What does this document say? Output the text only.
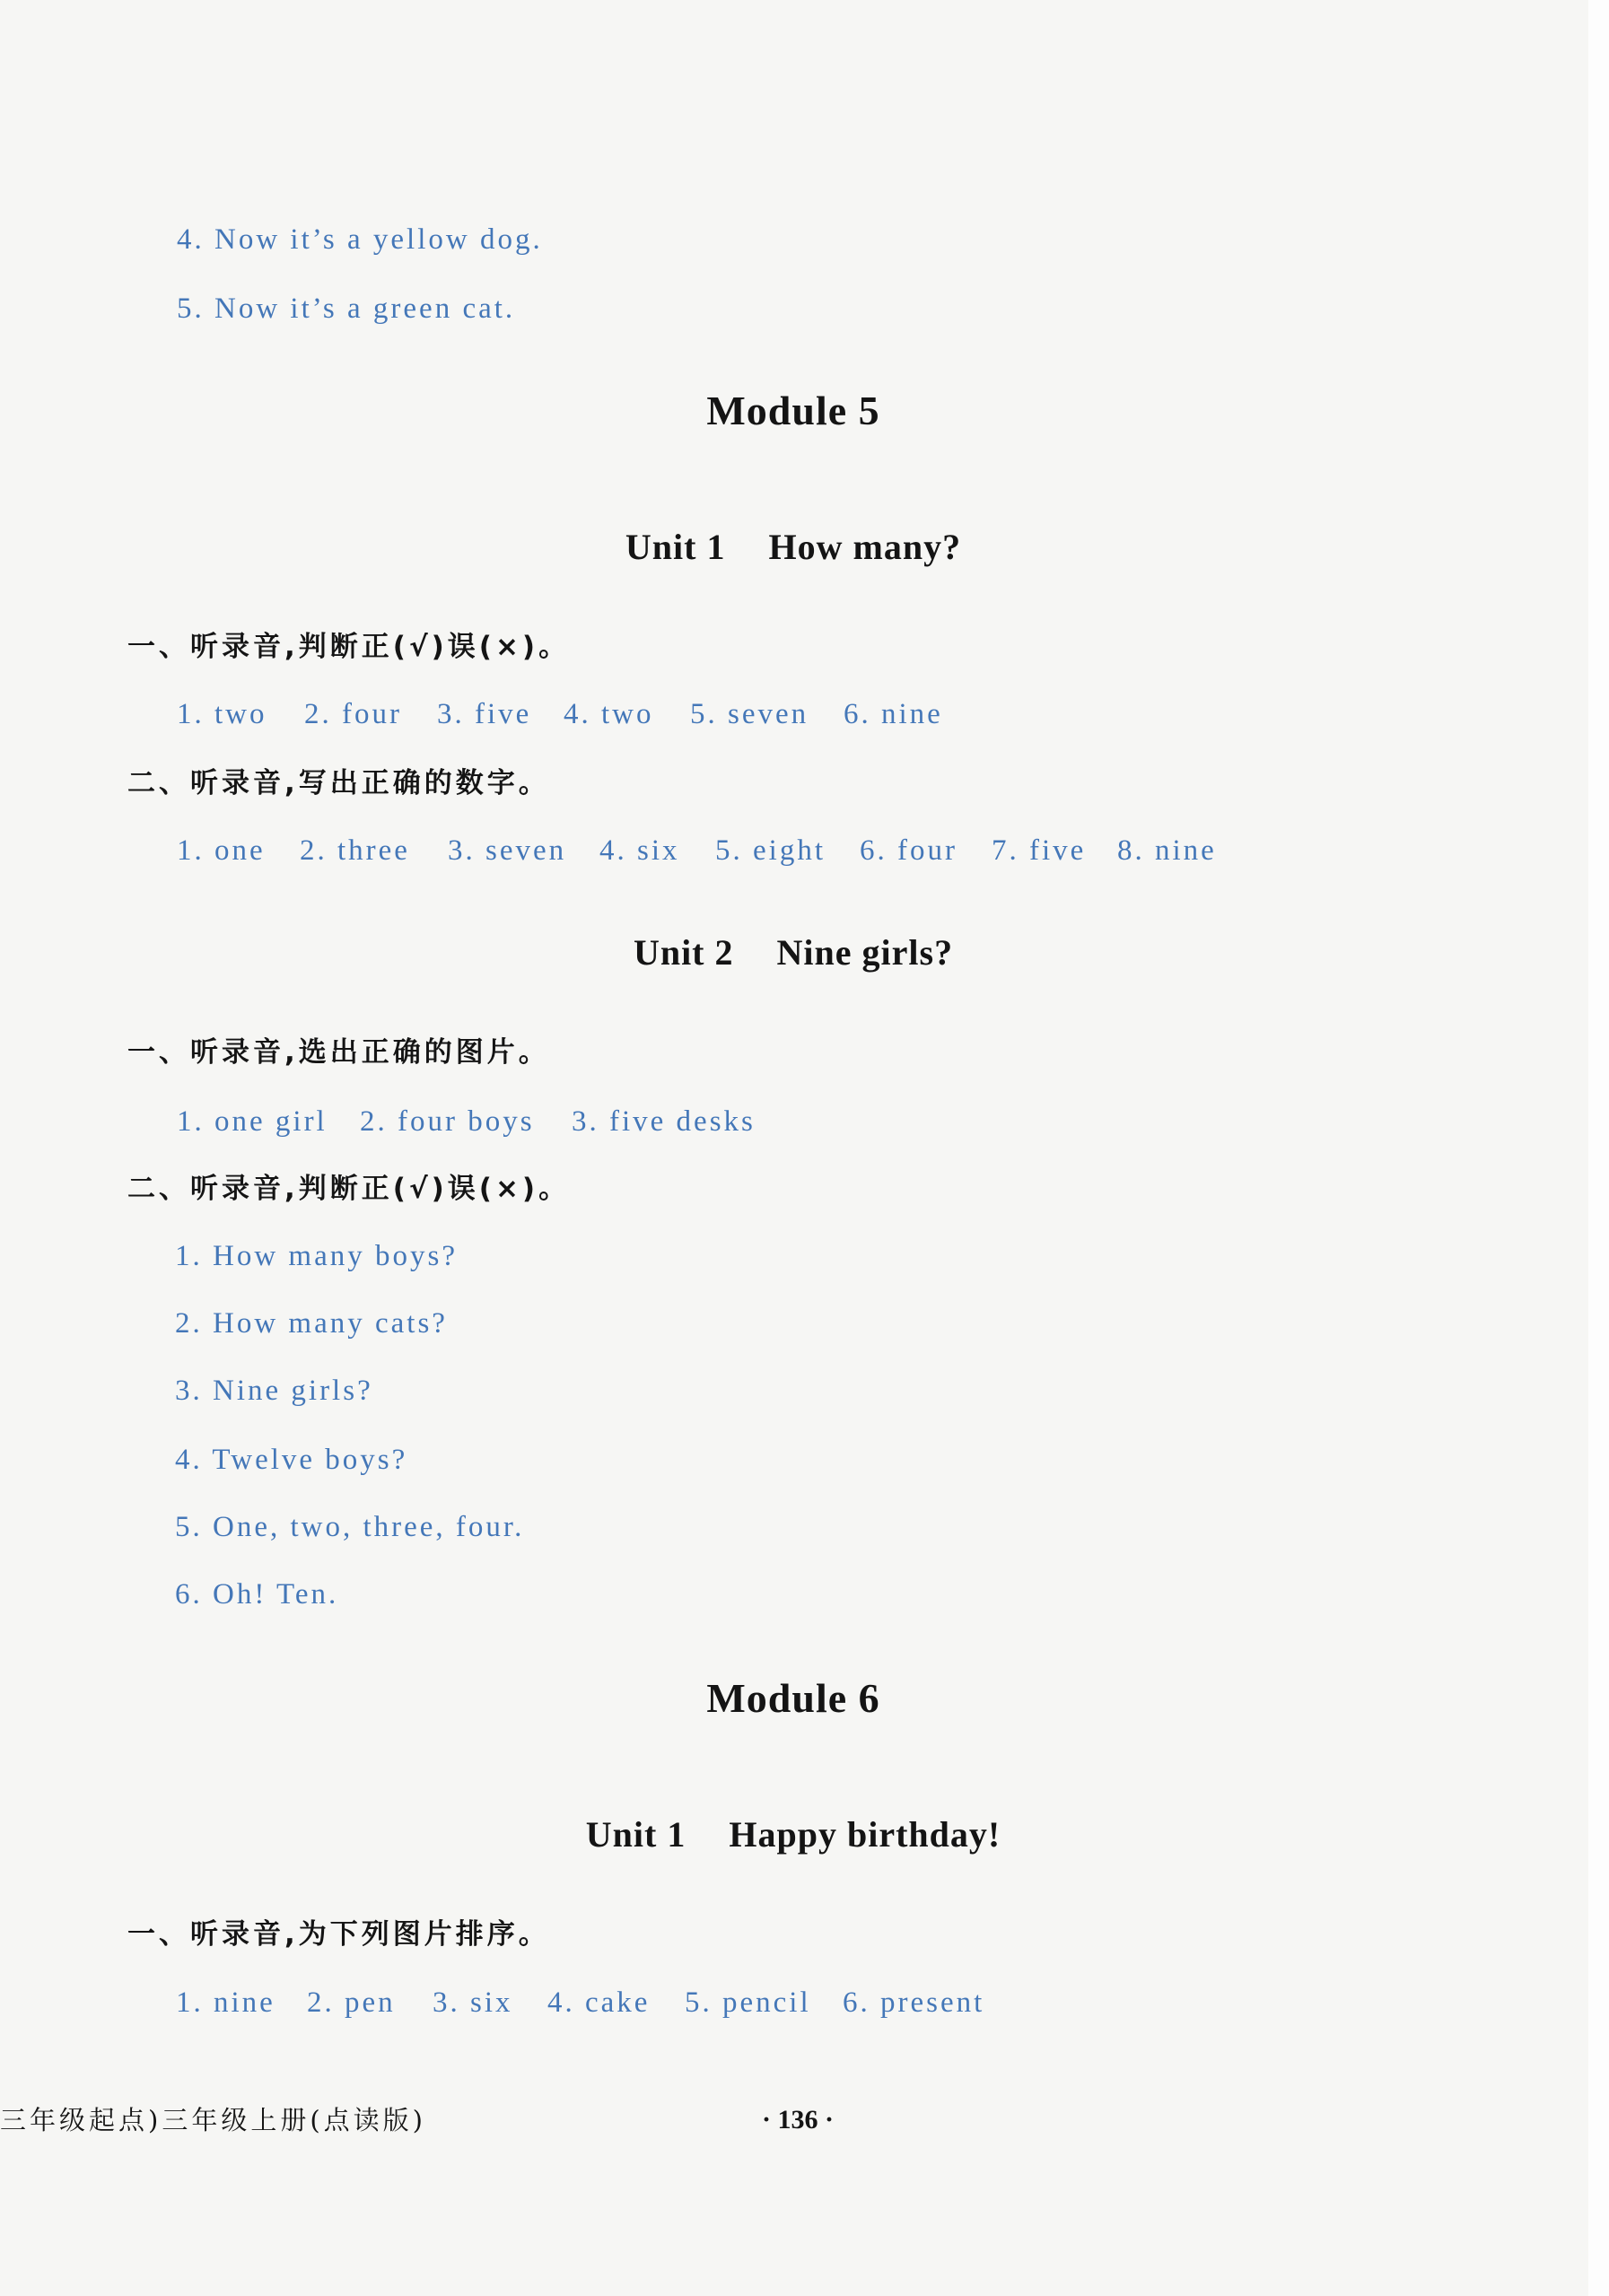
4. Now it’s a yellow dog.
5. Now it’s a green cat.
Module 5
Unit 1 How many?
一、听录音,判断正(√)误(×)。
1. two 2. four 3. five 4. two 5. seven 6. nine
二、听录音,写出正确的数字。
1. one 2. three 3. seven 4. six 5. eight 6. four 7. five 8. nine
Unit 2 Nine girls?
一、听录音,选出正确的图片。
1. one girl 2. four boys 3. five desks
二、听录音,判断正(√)误(×)。
1. How many boys?
2. How many cats?
3. Nine girls?
4. Twelve boys?
5. One, two, three, four.
6. Oh! Ten.
Module 6
Unit 1 Happy birthday!
一、听录音,为下列图片排序。
1. nine 2. pen 3. six 4. cake 5. pencil 6. present
三年级起点)三年级上册(点读版)	· 136 ·
